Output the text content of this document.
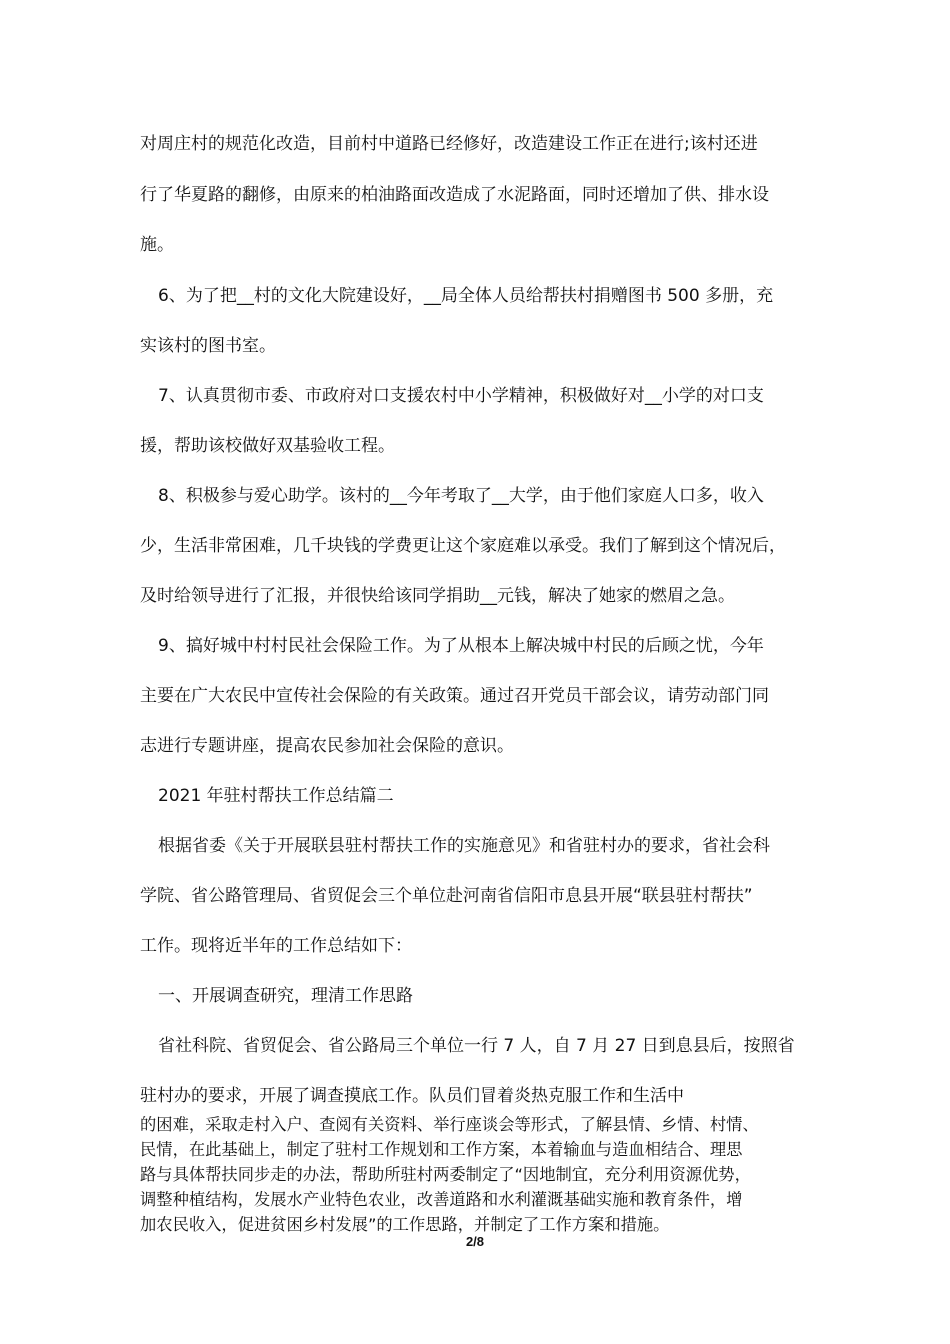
对周庄村的规范化改造，目前村中道路已经修好，改造建设工作正在进行;该村还进
行了华夏路的翻修，由原来的柏油路面改造成了水泥路面，同时还增加了供、排水设
施。
6、为了把__村的文化大院建设好，__局全体人员给帮扶村捐赠图书 500 多册，充
实该村的图书室。
7、认真贯彻市委、市政府对口支援农村中小学精神，积极做好对__小学的对口支
援，帮助该校做好双基验收工程。
8、积极参与爱心助学。该村的__今年考取了__大学，由于他们家庭人口多，收入
少，生活非常困难，几千块钱的学费更让这个家庭难以承受。我们了解到这个情况后，
及时给领导进行了汇报，并很快给该同学捐助__元钱，解决了她家的燃眉之急。
9、搞好城中村村民社会保险工作。为了从根本上解决城中村民的后顾之忧，今年
主要在广大农民中宣传社会保险的有关政策。通过召开党员干部会议，请劳动部门同
志进行专题讲座，提高农民参加社会保险的意识。
2021 年驻村帮扶工作总结篇二
根据省委《关于开展联县驻村帮扶工作的实施意见》和省驻村办的要求，省社会科
学院、省公路管理局、省贸促会三个单位赴河南省信阳市息县开展“联县驻村帮扶”
工作。现将近半年的工作总结如下：
一、开展调查研究，理清工作思路
省社科院、省贸促会、省公路局三个单位一行 7 人，自 7 月 27 日到息县后，按照省
驻村办的要求，开展了调查摸底工作。队员们冒着炎热克服工作和生活中
的困难，采取走村入户、查阅有关资料、举行座谈会等形式，了解县情、乡情、村情、
民情，在此基础上，制定了驻村工作规划和工作方案，本着输血与造血相结合、理思
路与具体帮扶同步走的办法，帮助所驻村两委制定了“因地制宜，充分利用资源优势，
调整种植结构，发展水产业特色农业，改善道路和水利灌溉基础实施和教育条件，增
加农民收入，促进贫困乡村发展”的工作思路，并制定了工作方案和措施。
2/8
